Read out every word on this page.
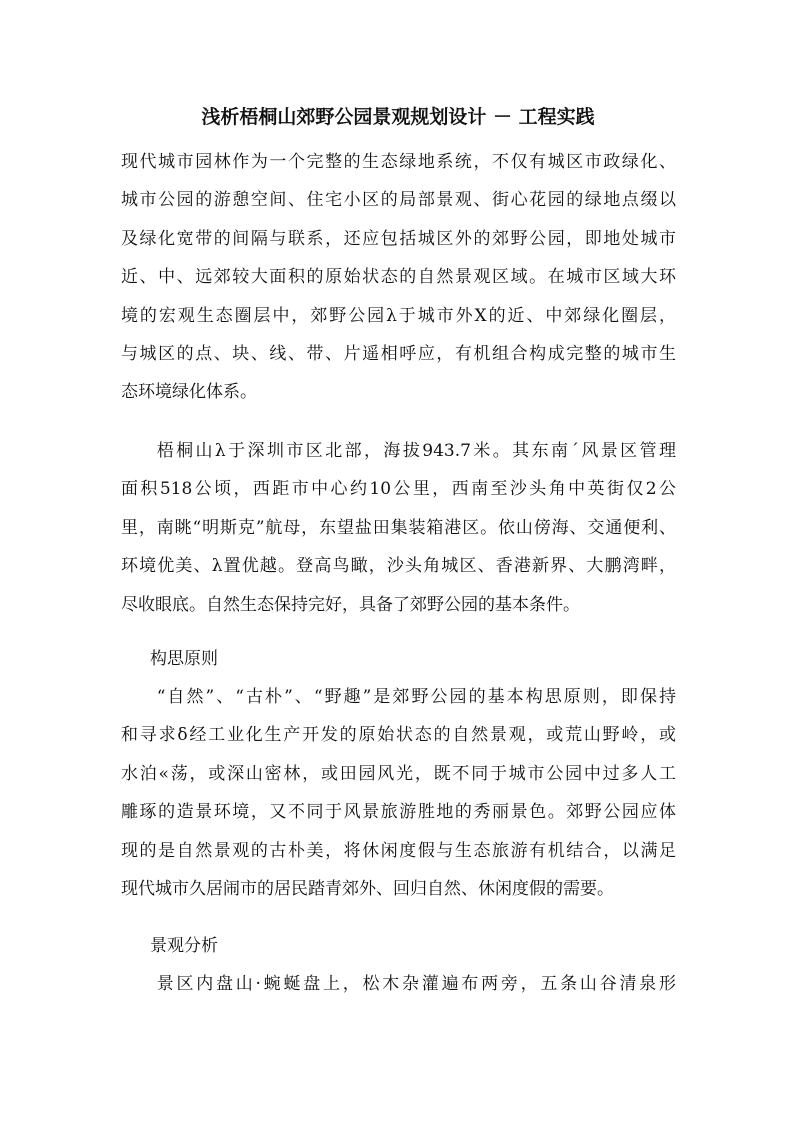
浅析梧桐山郊野公园景观规划设计 － 工程实践

现代城市园林作为一个完整的生态绿地系统，不仅有城区市政绿化、
城市公园的游憩空间、住宅小区的局部景观、街心花园的绿地点缀以
及绿化宽带的间隔与联系，还应包括城区外的郊野公园，即地处城市
近、中、远郊较大面积的原始状态的自然景观区域。在城市区域大环
境的宏观生态圈层中，郊野公园λ于城市外X的近、中郊绿化圈层，
与城区的点、块、线、带、片遥相呼应，有机组合构成完整的城市生
态环境绿化体系。

梧桐山λ于深圳市区北部，海拔943.7米。其东南´风景区管理
面积518公顷，西距市中心约10公里，西南至沙头角中英街仅2公
里，南眺“明斯克”航母，东望盐田集装箱港区。依山傍海、交通便利、
环境优美、λ置优越。登高鸟瞰，沙头角城区、香港新界、大鹏湾畔，
尽收眼底。自然生态保持完好，具备了郊野公园的基本条件。

构思原则

“自然”、“古朴”、“野趣”是郊野公园的基本构思原则，即保持
和寻求δ经工业化生产开发的原始状态的自然景观，或荒山野岭，或
水泊«荡，或深山密林，或田园风光，既不同于城市公园中过多人工
雕琢的造景环境，又不同于风景旅游胜地的秀丽景色。郊野公园应体
现的是自然景观的古朴美，将休闲度假与生态旅游有机结合，以满足
现代城市久居闹市的居民踏青郊外、回归自然、休闲度假的需要。

景观分析

景区内盘山·蜿蜒盘上，松木杂灌遍布两旁，五条山谷清泉形
